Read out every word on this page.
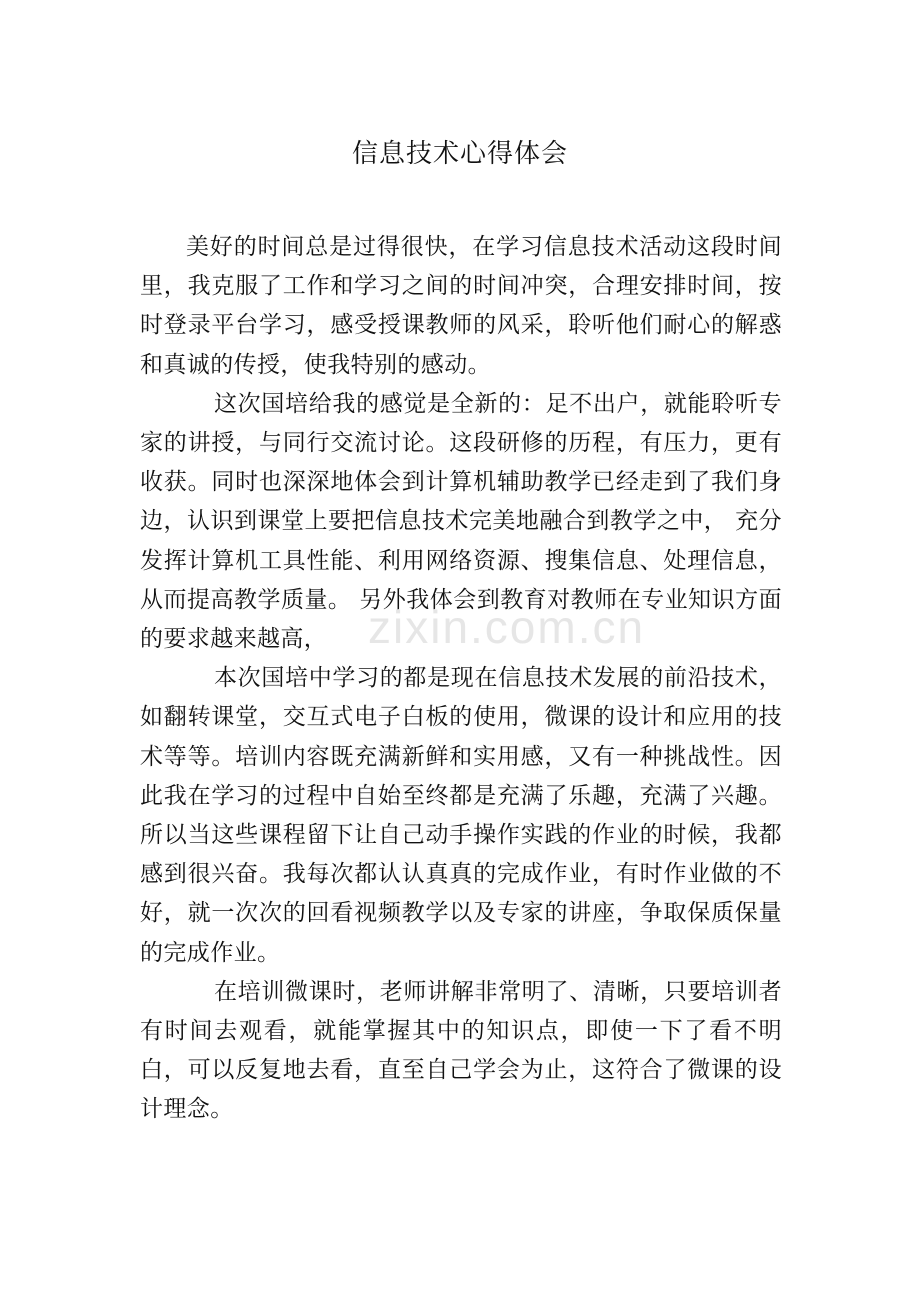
信息技术心得体会

美好的时间总是过得很快，在学习信息技术活动这段时间里，我克服了工作和学习之间的时间冲突，合理安排时间，按时登录平台学习，感受授课教师的风采，聆听他们耐心的解惑和真诚的传授，使我特别的感动。

这次国培给我的感觉是全新的：足不出户，就能聆听专家的讲授，与同行交流讨论。这段研修的历程，有压力，更有收获。同时也深深地体会到计算机辅助教学已经走到了我们身边，认识到课堂上要把信息技术完美地融合到教学之中， 充分发挥计算机工具性能、利用网络资源、搜集信息、处理信息， 从而提高教学质量。 另外我体会到教育对教师在专业知识方面的要求越来越高，

本次国培中学习的都是现在信息技术发展的前沿技术，如翻转课堂，交互式电子白板的使用，微课的设计和应用的技术等等。培训内容既充满新鲜和实用感，又有一种挑战性。因此我在学习的过程中自始至终都是充满了乐趣，充满了兴趣。所以当这些课程留下让自己动手操作实践的作业的时候，我都感到很兴奋。我每次都认认真真的完成作业，有时作业做的不好，就一次次的回看视频教学以及专家的讲座，争取保质保量的完成作业。

在培训微课时，老师讲解非常明了、清晰，只要培训者有时间去观看，就能掌握其中的知识点，即使一下了看不明白，可以反复地去看，直至自己学会为止，这符合了微课的设计理念。

zixin.com.cn
